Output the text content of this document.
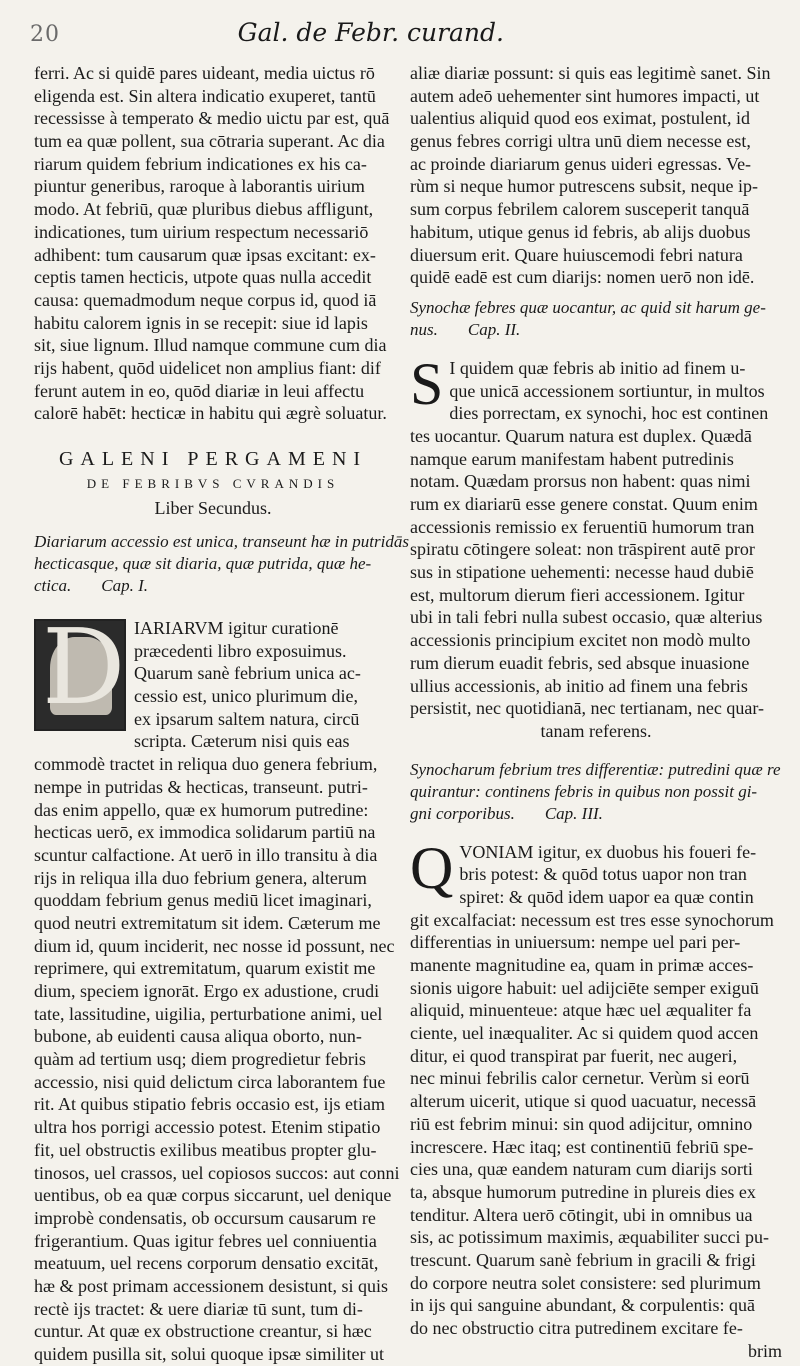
20	Gal. de Febr. curand.
ferri. Ac si quidē pares uideant, media uictus rō
eligenda est. Sin altera indicatio exuperet, tantū
recessisse à temperato & medio uictu par est, quā
tum ea quæ pollent, sua cōtraria superant. Ac dia
riarum quidem febrium indicationes ex his ca-
piuntur generibus, raroque à laborantis uirium
modo. At febriū, quæ pluribus diebus affligunt,
indicationes, tum uirium respectum necessariō
adhibent: tum causarum quæ ipsas excitant: ex-
ceptis tamen hecticis, utpote quas nulla accedit
causa: quemadmodum neque corpus id, quod iā
habitu calorem ignis in se recepit: siue id lapis
sit, siue lignum. Illud namque commune cum dia
rijs habent, quōd uidelicet non amplius fiant: dif
ferunt autem in eo, quōd diariæ in leui affectu
calorē habēt: hecticæ in habitu qui ægrè soluatur.
GALENI PERGAMENI
DE FEBRIBVS CVRANDIS
Liber Secundus.
Diariarum accessio est unica, transeunt hæ in putridās
hecticasque, quæ sit diaria, quæ putrida, quæ he-
ctica. Cap. I.
D IARIARVM igitur curationē
præcedenti libro exposuimus.
Quarum sanè febrium unica ac-
cessio est, unico plurimum die,
ex ipsarum saltem natura, circū
scripta. Cæterum nisi quis eas
commodè tractet in reliqua duo genera febrium,
nempe in putridas & hecticas, transeunt. putri-
das enim appello, quæ ex humorum putredine:
hecticas uerō, ex immodica solidarum partiū na
scuntur calfactione. At uerō in illo transitu à dia
rijs in reliqua illa duo febrium genera, alterum
quoddam febrium genus mediū licet imaginari,
quod neutri extremitatum sit idem. Cæterum me
dium id, quum inciderit, nec nosse id possunt, nec
reprimere, qui extremitatum, quarum existit me
dium, speciem ignorāt. Ergo ex adustione, crudi
tate, lassitudine, uigilia, perturbatione animi, uel
bubone, ab euidenti causa aliqua oborto, nun-
quàm ad tertium usq; diem progredietur febris
accessio, nisi quid delictum circa laborantem fue
rit. At quibus stipatio febris occasio est, ijs etiam
ultra hos porrigi accessio potest. Etenim stipatio
fit, uel obstructis exilibus meatibus propter glu-
tinosos, uel crassos, uel copiosos succos: aut conni
uentibus, ob ea quæ corpus siccarunt, uel denique
improbè condensatis, ob occursum causarum re
frigerantium. Quas igitur febres uel conniuentia
meatuum, uel recens corporum densatio excitāt,
hæ & post primam accessionem desistunt, si quis
rectè ijs tractet: & uere diariæ tū sunt, tum di-
cuntur. At quæ ex obstructione creantur, si hæc
quidem pusilla sit, solui quoque ipsæ similiter ut
aliæ diariæ possunt: si quis eas legitimè sanet. Sin
autem adeō uehementer sint humores impacti, ut
ualentius aliquid quod eos eximat, postulent, id
genus febres corrigi ultra unū diem necesse est,
ac proinde diariarum genus uideri egressas. Ve-
rùm si neque humor putrescens subsit, neque ip-
sum corpus febrilem calorem susceperit tanquā
habitum, utique genus id febris, ab alijs duobus
diuersum erit. Quare huiuscemodi febri natura
quidē eadē est cum diarijs: nomen uerō non idē.
Synochæ febres quæ uocantur, ac quid sit harum ge-
nus. Cap. II.
S I quidem quæ febris ab initio ad finem u-
que unicā accessionem sortiuntur, in multos
dies porrectam, ex synochi, hoc est continen
tes uocantur. Quarum natura est duplex. Quædā
namque earum manifestam habent putredinis
notam. Quædam prorsus non habent: quas nimi
rum ex diariarū esse genere constat. Quum enim
accessionis remissio ex feruentiū humorum tran
spiratu cōtingere soleat: non trāspirent autē pror
sus in stipatione uehementi: necesse haud dubiē
est, multorum dierum fieri accessionem. Igitur
ubi in tali febri nulla subest occasio, quæ alterius
accessionis principium excitet non modò multo
rum dierum euadit febris, sed absque inuasione
ullius accessionis, ab initio ad finem una febris
persistit, nec quotidianā, nec tertianam, nec quar-
tanam referens.
Synocharum febrium tres differentiæ: putredini quæ re
quirantur: continens febris in quibus non possit gi-
gni corporibus. Cap. III.
Q VONIAM igitur, ex duobus his foueri fe-
bris potest: & quōd totus uapor non tran
spiret: & quōd idem uapor ea quæ contin
git excalfaciat: necessum est tres esse synochorum
differentias in uniuersum: nempe uel pari per-
manente magnitudine ea, quam in primæ acces-
sionis uigore habuit: uel adijciēte semper exiguū
aliquid, minuenteue: atque hæc uel æqualiter fa
ciente, uel inæqualiter. Ac si quidem quod accen
ditur, ei quod transpirat par fuerit, nec augeri,
nec minui febrilis calor cernetur. Verùm si eorū
alterum uicerit, utique si quod uacuatur, necessā
riū est febrim minui: sin quod adijcitur, omnino
increscere. Hæc itaq; est continentiū febriū spe-
cies una, quæ eandem naturam cum diarijs sorti
ta, absque humorum putredine in plureis dies ex
tenditur. Altera uerō cōtingit, ubi in omnibus ua
sis, ac potissimum maximis, æquabiliter succi pu-
trescunt. Quarum sanè febrium in gracili & frigi
do corpore neutra solet consistere: sed plurimum
in ijs qui sanguine abundant, & corpulentis: quā
do nec obstructio citra putredinem excitare fe-
brim
